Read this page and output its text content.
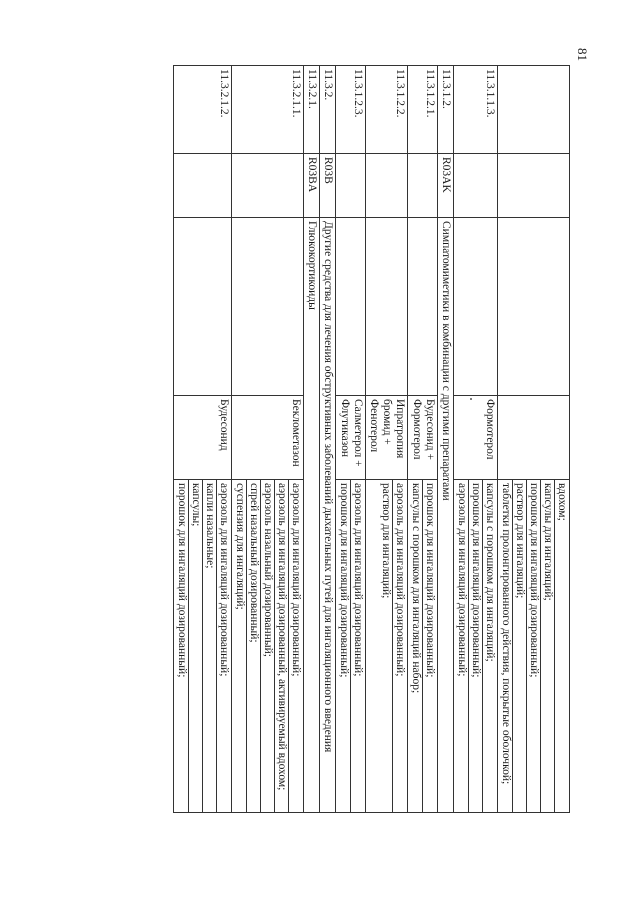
81

				вдохом;
капсулы для ингаляций;
порошок для ингаляций дозированный;
раствор для ингаляций;
таблетки пролонгированного действия, покрытые оболочкой;

11.3.1.1.3.			Формотерол	капсулы с порошком для ингаляций;
порошок для ингаляций дозированный;
аэрозоль для ингаляций дозированный;

11.3.1.2.	R03AK	Симпатомиметики в комбинации с другими препаратами		
11.3.1.2.1.			Будесонид + Формотерол	порошок для ингаляций дозированный;
капсулы с порошком для ингаляций набор;

11.3.1.2.2.			Ипратропия бромид + Фенотерол	аэрозоль для ингаляций дозированный;
раствор для ингаляций;

11.3.1.2.3.			Салметерол + Флутиказон	аэрозоль для ингаляций дозированный;
порошок для ингаляций дозированный;

11.3.2.	R03B	Другие средства для лечения обструктивных заболеваний дыхательных путей для ингаляционного введения		
11.3.2.1.	R03BA	Глюкокортикоиды		
11.3.2.1.1.			Беклометазон	аэрозоль для ингаляций дозированный;
аэрозоль для ингаляций дозированный, активируемый вдохом;
аэрозоль назальный дозированный;
спрей назальный дозированный;
суспензия для ингаляций;

11.3.2.1.2.			Будесонид	аэрозоль для ингаляций дозированный;
капли назальные;
капсулы;
порошок для ингаляций дозированный;
